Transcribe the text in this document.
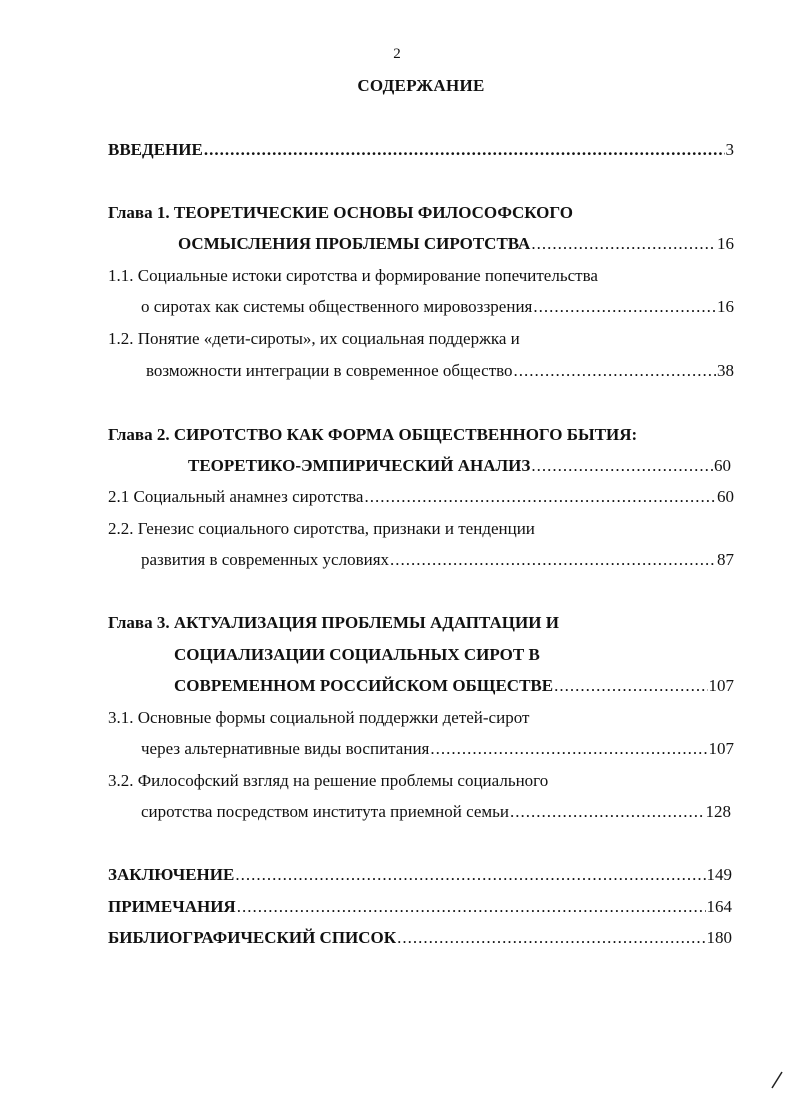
2
СОДЕРЖАНИЕ
ВВЕДЕНИЕ .....	3
Глава 1. ТЕОРЕТИЧЕСКИЕ ОСНОВЫ ФИЛОСОФСКОГО
ОСМЫСЛЕНИЯ ПРОБЛЕМЫ СИРОТСТВА .....	16
1.1. Социальные истоки сиротства и формирование попечительства
о сиротах как системы общественного мировоззрения .....	16
1.2. Понятие «дети-сироты», их социальная поддержка и
возможности интеграции в современное общество .....	38
Глава 2. СИРОТСТВО КАК ФОРМА ОБЩЕСТВЕННОГО БЫТИЯ:
ТЕОРЕТИКО-ЭМПИРИЧЕСКИЙ АНАЛИЗ .....	60
2.1 Социальный анамнез сиротства .....	60
2.2. Генезис социального сиротства, признаки и тенденции
развития в современных условиях .....	87
Глава 3. АКТУАЛИЗАЦИЯ ПРОБЛЕМЫ АДАПТАЦИИ И
СОЦИАЛИЗАЦИИ СОЦИАЛЬНЫХ СИРОТ В
СОВРЕМЕННОМ РОССИЙСКОМ ОБЩЕСТВЕ .....	107
3.1. Основные формы социальной поддержки детей-сирот
через альтернативные виды воспитания .....	107
3.2. Философский взгляд на решение проблемы социального
сиротства посредством института приемной семьи .....	128
ЗАКЛЮЧЕНИЕ .....	149
ПРИМЕЧАНИЯ .....	164
БИБЛИОГРАФИЧЕСКИЙ СПИСОК .....	180
